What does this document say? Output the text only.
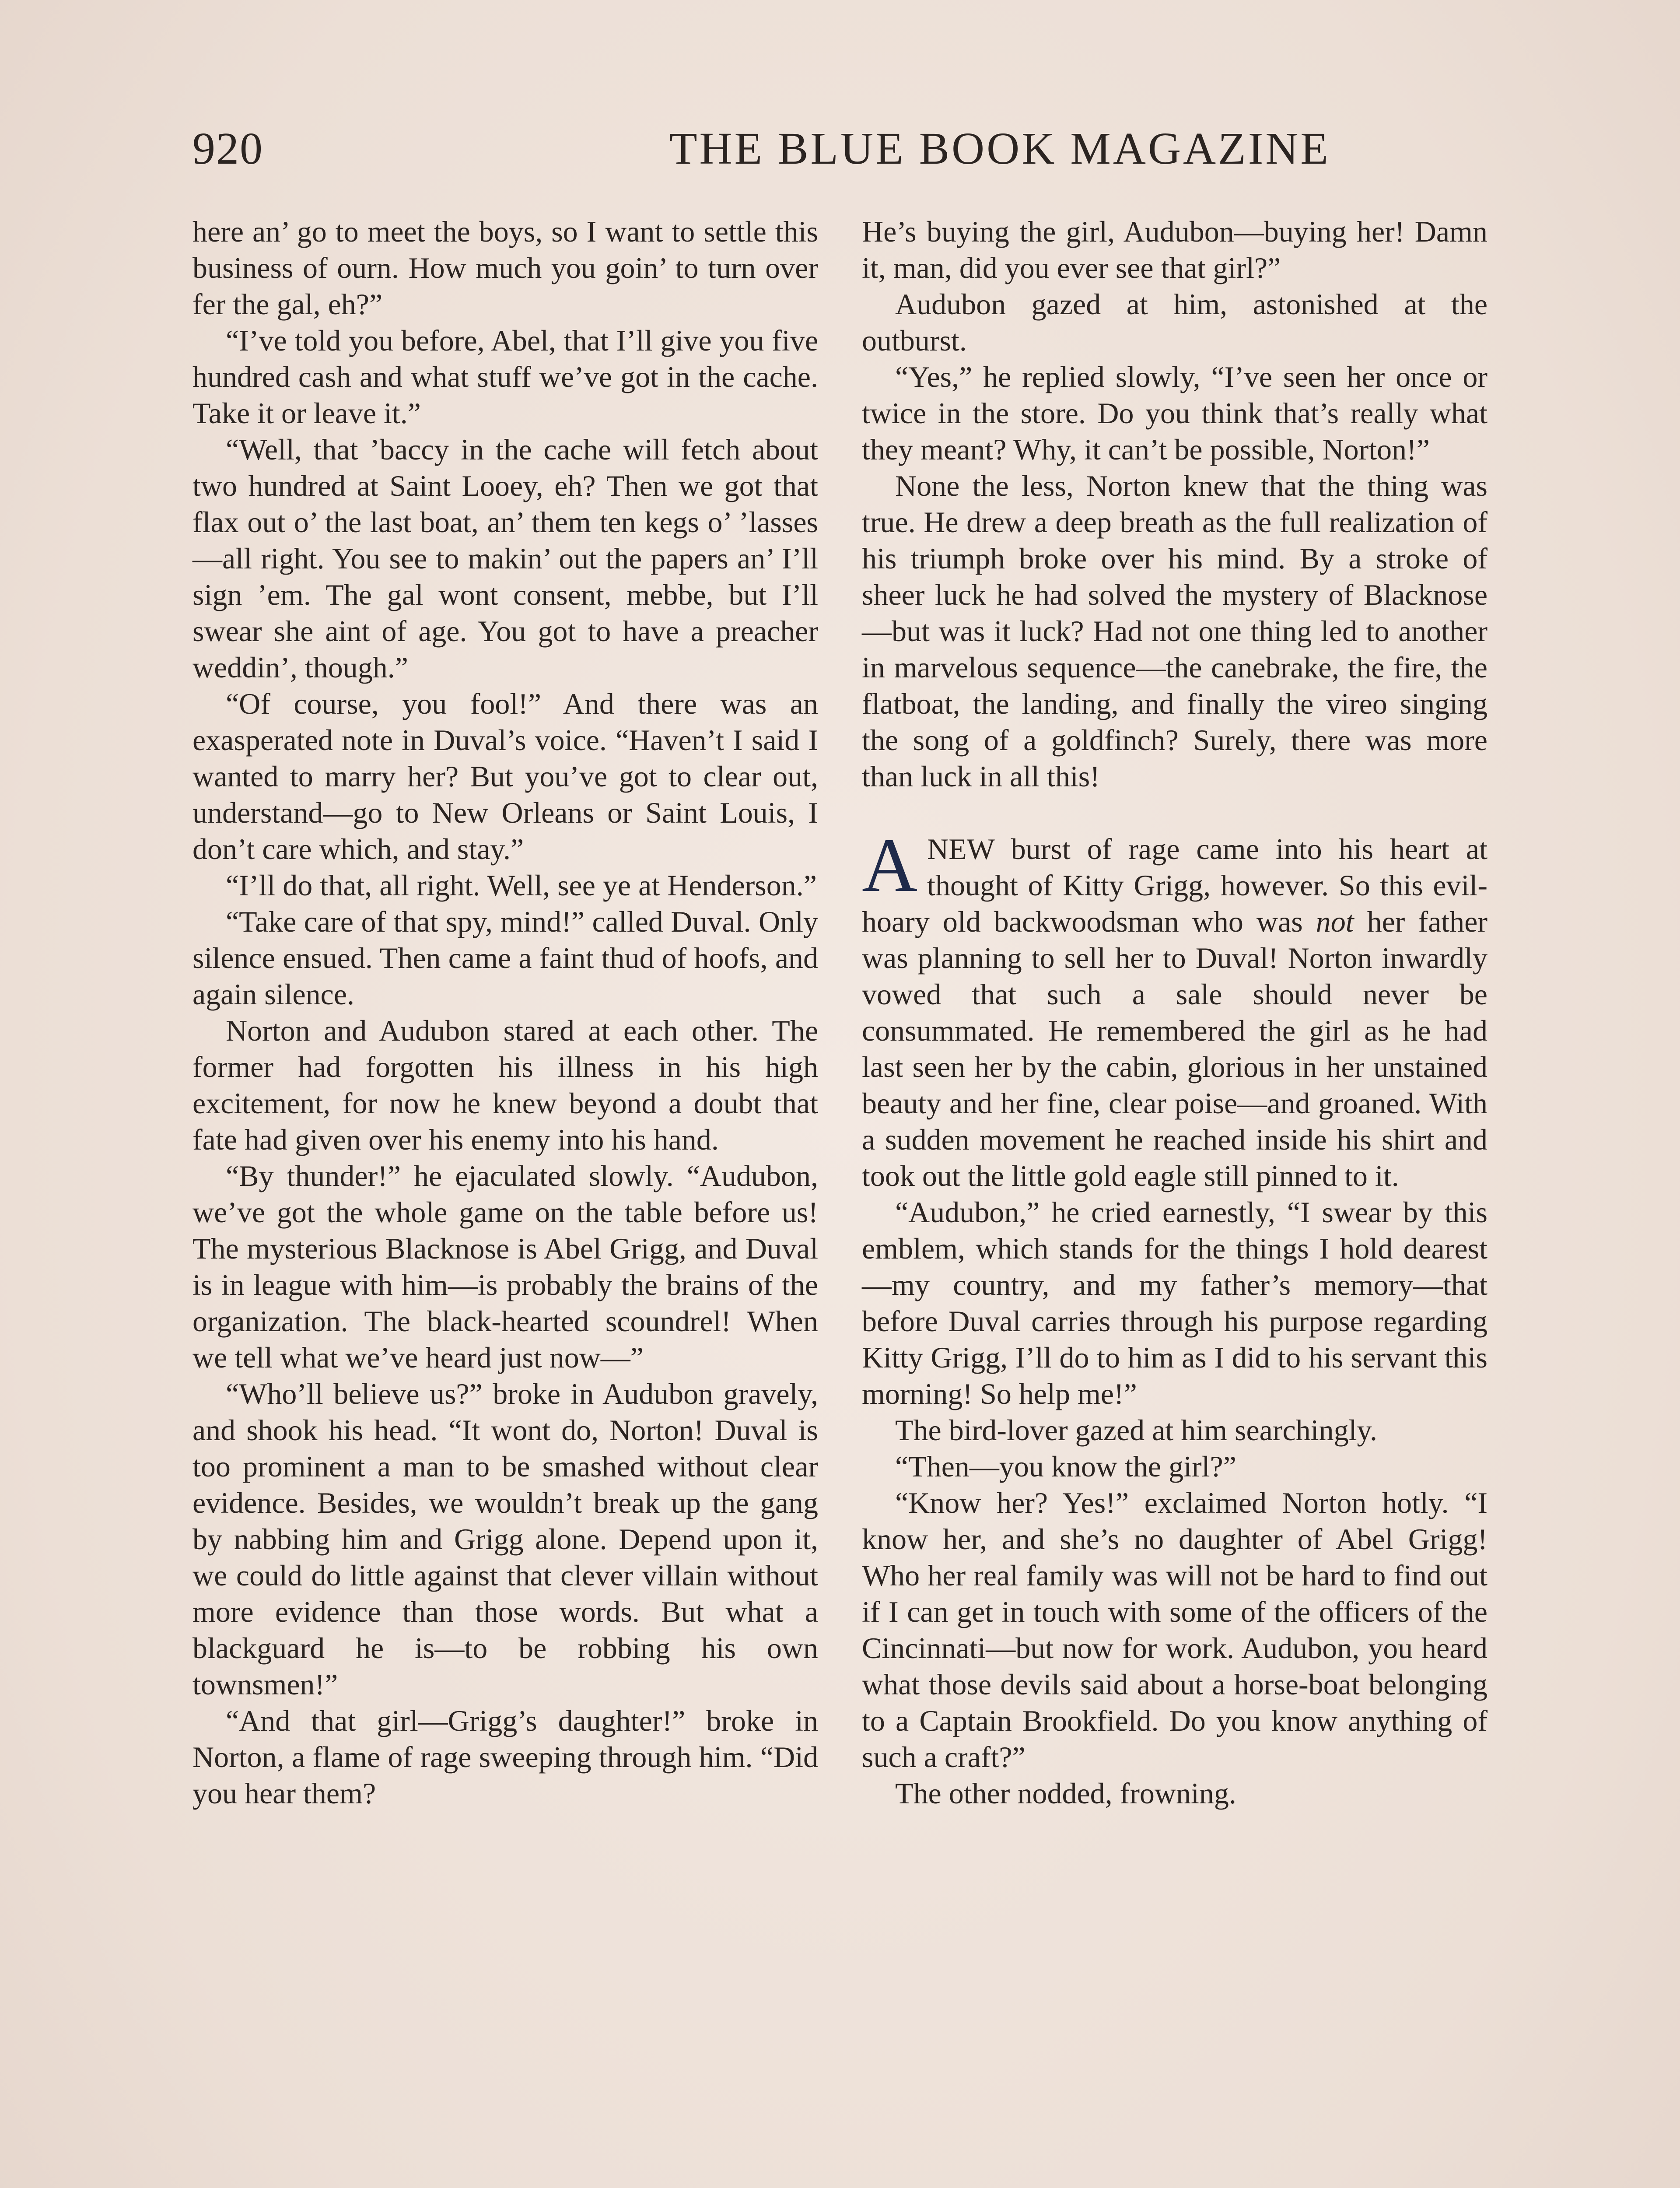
920	THE BLUE BOOK MAGAZINE

here an’ go to meet the boys, so I want to settle this business of ourn. How much you goin’ to turn over fer the gal, eh?”

“I’ve told you before, Abel, that I’ll give you five hundred cash and what stuff we’ve got in the cache. Take it or leave it.”

“Well, that ’baccy in the cache will fetch about two hundred at Saint Looey, eh? Then we got that flax out o’ the last boat, an’ them ten kegs o’ ’lasses—all right. You see to makin’ out the papers an’ I’ll sign ’em. The gal wont consent, mebbe, but I’ll swear she aint of age. You got to have a preacher weddin’, though.”

“Of course, you fool!” And there was an exasperated note in Duval’s voice. “Haven’t I said I wanted to marry her? But you’ve got to clear out, understand—go to New Orleans or Saint Louis, I don’t care which, and stay.”

“I’ll do that, all right. Well, see ye at Henderson.”

“Take care of that spy, mind!” called Duval. Only silence ensued. Then came a faint thud of hoofs, and again silence.

Norton and Audubon stared at each other. The former had forgotten his illness in his high excitement, for now he knew beyond a doubt that fate had given over his enemy into his hand.

“By thunder!” he ejaculated slowly. “Audubon, we’ve got the whole game on the table before us! The mysterious Blacknose is Abel Grigg, and Duval is in league with him—is probably the brains of the organization. The black-hearted scoundrel! When we tell what we’ve heard just now—”

“Who’ll believe us?” broke in Audubon gravely, and shook his head. “It wont do, Norton! Duval is too prominent a man to be smashed without clear evidence. Besides, we wouldn’t break up the gang by nabbing him and Grigg alone. Depend upon it, we could do little against that clever villain without more evidence than those words. But what a blackguard he is—to be robbing his own townsmen!”

“And that girl—Grigg’s daughter!” broke in Norton, a flame of rage sweeping through him. “Did you hear them?

He’s buying the girl, Audubon—buying her! Damn it, man, did you ever see that girl?”

Audubon gazed at him, astonished at the outburst.

“Yes,” he replied slowly, “I’ve seen her once or twice in the store. Do you think that’s really what they meant? Why, it can’t be possible, Norton!”

None the less, Norton knew that the thing was true. He drew a deep breath as the full realization of his triumph broke over his mind. By a stroke of sheer luck he had solved the mystery of Blacknose—but was it luck? Had not one thing led to another in marvelous sequence—the canebrake, the fire, the flatboat, the landing, and finally the vireo singing the song of a goldfinch? Surely, there was more than luck in all this!

ANEW burst of rage came into his heart at thought of Kitty Grigg, however. So this evil-hoary old backwoodsman who was not her father was planning to sell her to Duval! Norton inwardly vowed that such a sale should never be consummated. He remembered the girl as he had last seen her by the cabin, glorious in her unstained beauty and her fine, clear poise—and groaned. With a sudden movement he reached inside his shirt and took out the little gold eagle still pinned to it.

“Audubon,” he cried earnestly, “I swear by this emblem, which stands for the things I hold dearest—my country, and my father’s memory—that before Duval carries through his purpose regarding Kitty Grigg, I’ll do to him as I did to his servant this morning! So help me!”

The bird-lover gazed at him searchingly.

“Then—you know the girl?”

“Know her? Yes!” exclaimed Norton hotly. “I know her, and she’s no daughter of Abel Grigg! Who her real family was will not be hard to find out if I can get in touch with some of the officers of the Cincinnati—but now for work. Audubon, you heard what those devils said about a horse-boat belonging to a Captain Brookfield. Do you know anything of such a craft?”

The other nodded, frowning.
